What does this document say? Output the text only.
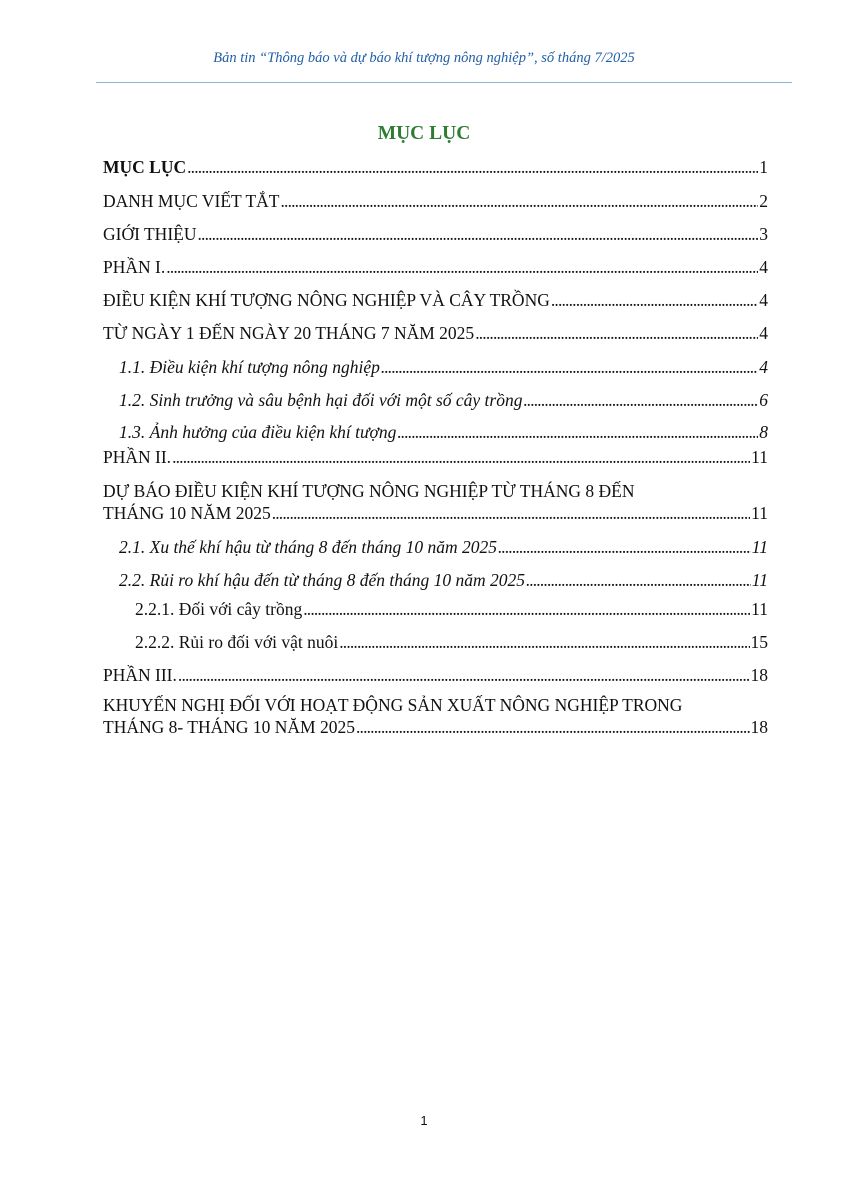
Bản tin “Thông báo và dự báo khí tượng nông nghiệp”, số tháng 7/2025
MỤC LỤC
MỤC LỤC . . .	1
DANH MỤC VIẾT TẮT . . .	2
GIỚI THIỆU . . .	3
PHẦN I. . . .	4
ĐIỀU KIỆN KHÍ TƯỢNG NÔNG NGHIỆP VÀ CÂY TRỒNG . . .	4
TỪ NGÀY 1 ĐẾN NGÀY 20 THÁNG 7 NĂM 2025 . . .	4
1.1. Điều kiện khí tượng nông nghiệp . . .	4
1.2. Sinh trưởng và sâu bệnh hại đối với một số cây trồng . . .	6
1.3. Ảnh hưởng của điều kiện khí tượng . . .	8
PHẦN II. . . .	11
DỰ BÁO ĐIỀU KIỆN KHÍ TƯỢNG NÔNG NGHIỆP TỪ THÁNG 8 ĐẾN
THÁNG 10 NĂM 2025 . . .	11
2.1. Xu thế khí hậu từ tháng 8 đến tháng 10 năm 2025 . . .	11
2.2. Rủi ro khí hậu đến từ tháng 8 đến tháng 10 năm 2025 . . .	11
2.2.1. Đối với cây trồng . . .	11
2.2.2. Rủi ro đối với vật nuôi . . .	15
PHẦN III. . . .	18
KHUYẾN NGHỊ ĐỐI VỚI HOẠT ĐỘNG SẢN XUẤT NÔNG NGHIỆP TRONG
THÁNG 8- THÁNG 10 NĂM 2025 . . .	18
1
